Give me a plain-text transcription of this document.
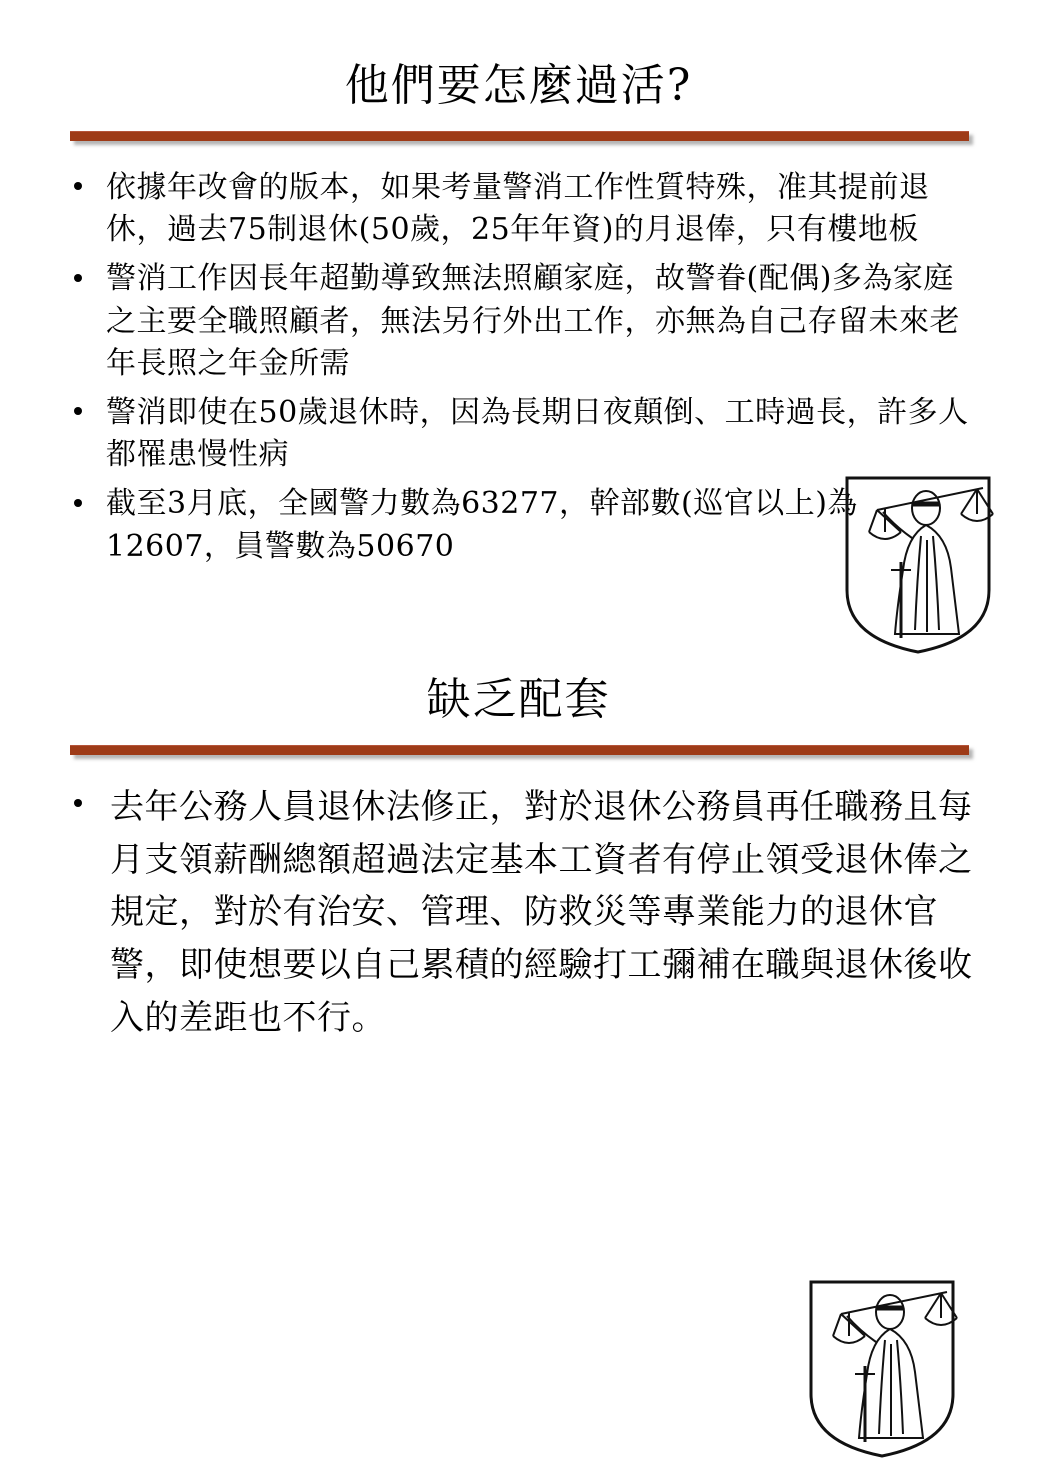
他們要怎麼過活?
依據年改會的版本，如果考量警消工作性質特殊，准其提前退休，過去75制退休(50歲，25年年資)的月退俸，只有樓地板
警消工作因長年超勤導致無法照顧家庭，故警眷(配偶)多為家庭之主要全職照顧者，無法另行外出工作，亦無為自己存留未來老年長照之年金所需
警消即使在50歲退休時，因為長期日夜顛倒、工時過長，許多人都罹患慢性病
截至3月底，全國警力數為63277，幹部數(巡官以上)為12607，員警數為50670
缺乏配套
去年公務人員退休法修正，對於退休公務員再任職務且每月支領薪酬總額超過法定基本工資者有停止領受退休俸之規定，對於有治安、管理、防救災等專業能力的退休官警，即使想要以自己累積的經驗打工彌補在職與退休後收入的差距也不行。
